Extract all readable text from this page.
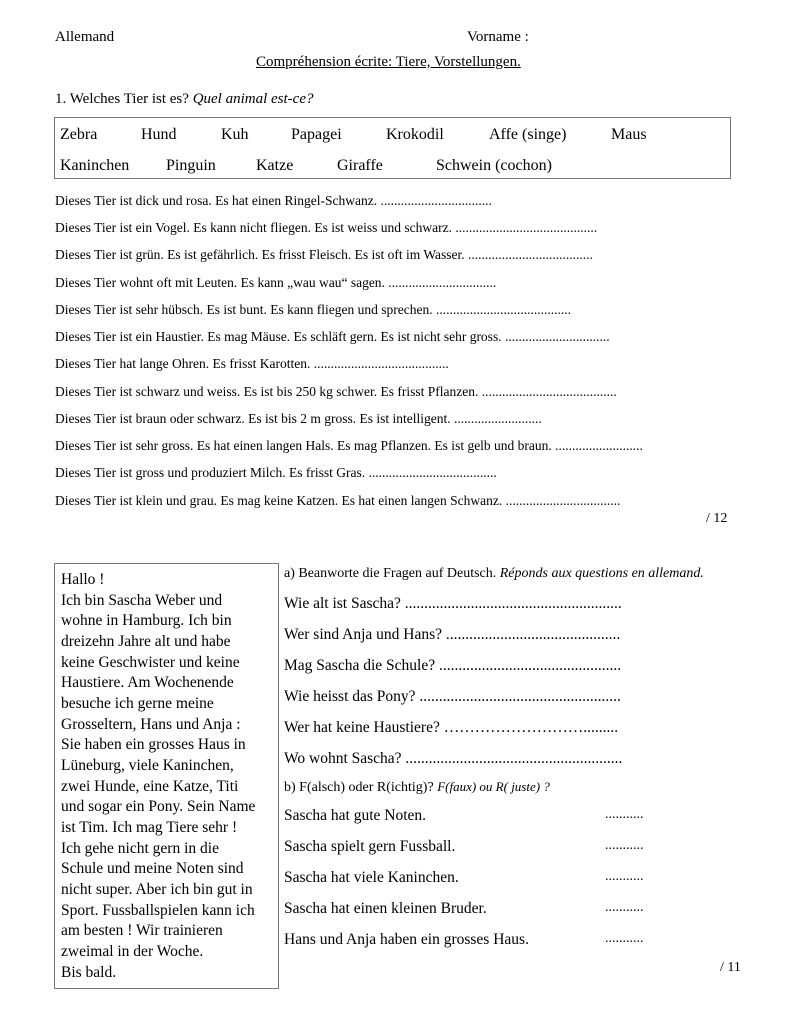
Allemand	Vorname :
Compréhension écrite: Tiere, Vorstellungen.
1. Welches Tier ist es? Quel animal est-ce?
Zebra	Hund	Kuh	Papagei	Krokodil	Affe (singe)	Maus
Kaninchen Pinguin	Katze	Giraffe	Schwein (cochon)
Dieses Tier ist dick und rosa. Es hat einen Ringel-Schwanz. .................................
Dieses Tier ist ein Vogel. Es kann nicht fliegen. Es ist weiss und schwarz. ..........................................
Dieses Tier ist grün. Es ist gefährlich. Es frisst Fleisch. Es ist oft im Wasser. .....................................
Dieses Tier wohnt oft mit Leuten. Es kann „wau wau“ sagen. ................................
Dieses Tier ist sehr hübsch. Es ist bunt. Es kann fliegen und sprechen. ........................................
Dieses Tier ist ein Haustier. Es mag Mäuse. Es schläft gern. Es ist nicht sehr gross. ...............................
Dieses Tier hat lange Ohren. Es frisst Karotten. ........................................
Dieses Tier ist schwarz und weiss. Es ist bis 250 kg schwer. Es frisst Pflanzen. ........................................
Dieses Tier ist braun oder schwarz. Es ist bis 2 m gross. Es ist intelligent. ..........................
Dieses Tier ist sehr gross. Es hat einen langen Hals. Es mag Pflanzen. Es ist gelb und braun. ..........................
Dieses Tier ist gross und produziert Milch. Es frisst Gras. ......................................
Dieses Tier ist klein und grau. Es mag keine Katzen. Es hat einen langen Schwanz. ..................................
/ 12
Hallo !
Ich bin Sascha Weber und
wohne in Hamburg. Ich bin
dreizehn Jahre alt und habe
keine Geschwister und keine
Haustiere. Am Wochenende
besuche ich gerne meine
Grosseltern, Hans und Anja :
Sie haben ein grosses Haus in
Lüneburg, viele Kaninchen,
zwei Hunde, eine Katze, Titi
und sogar ein Pony. Sein Name
ist Tim. Ich mag Tiere sehr !
Ich gehe nicht gern in die
Schule und meine Noten sind
nicht super. Aber ich bin gut in
Sport. Fussballspielen kann ich
am besten ! Wir trainieren
zweimal in der Woche.
Bis bald.
a) Beanworte die Fragen auf Deutsch. Réponds aux questions en allemand.
Wie alt ist Sascha? ........................................................
Wer sind Anja und Hans? .............................................
Mag Sascha die Schule? ...............................................
Wie heisst das Pony? ....................................................
Wer hat keine Haustiere? ……………………….........
Wo wohnt Sascha? ........................................................
b) F(alsch) oder R(ichtig)? F(faux) ou R( juste) ?
Sascha hat gute Noten.	...........
Sascha spielt gern Fussball.	...........
Sascha hat viele Kaninchen.	...........
Sascha hat einen kleinen Bruder.	...........
Hans und Anja haben ein grosses Haus.	...........
/ 11
